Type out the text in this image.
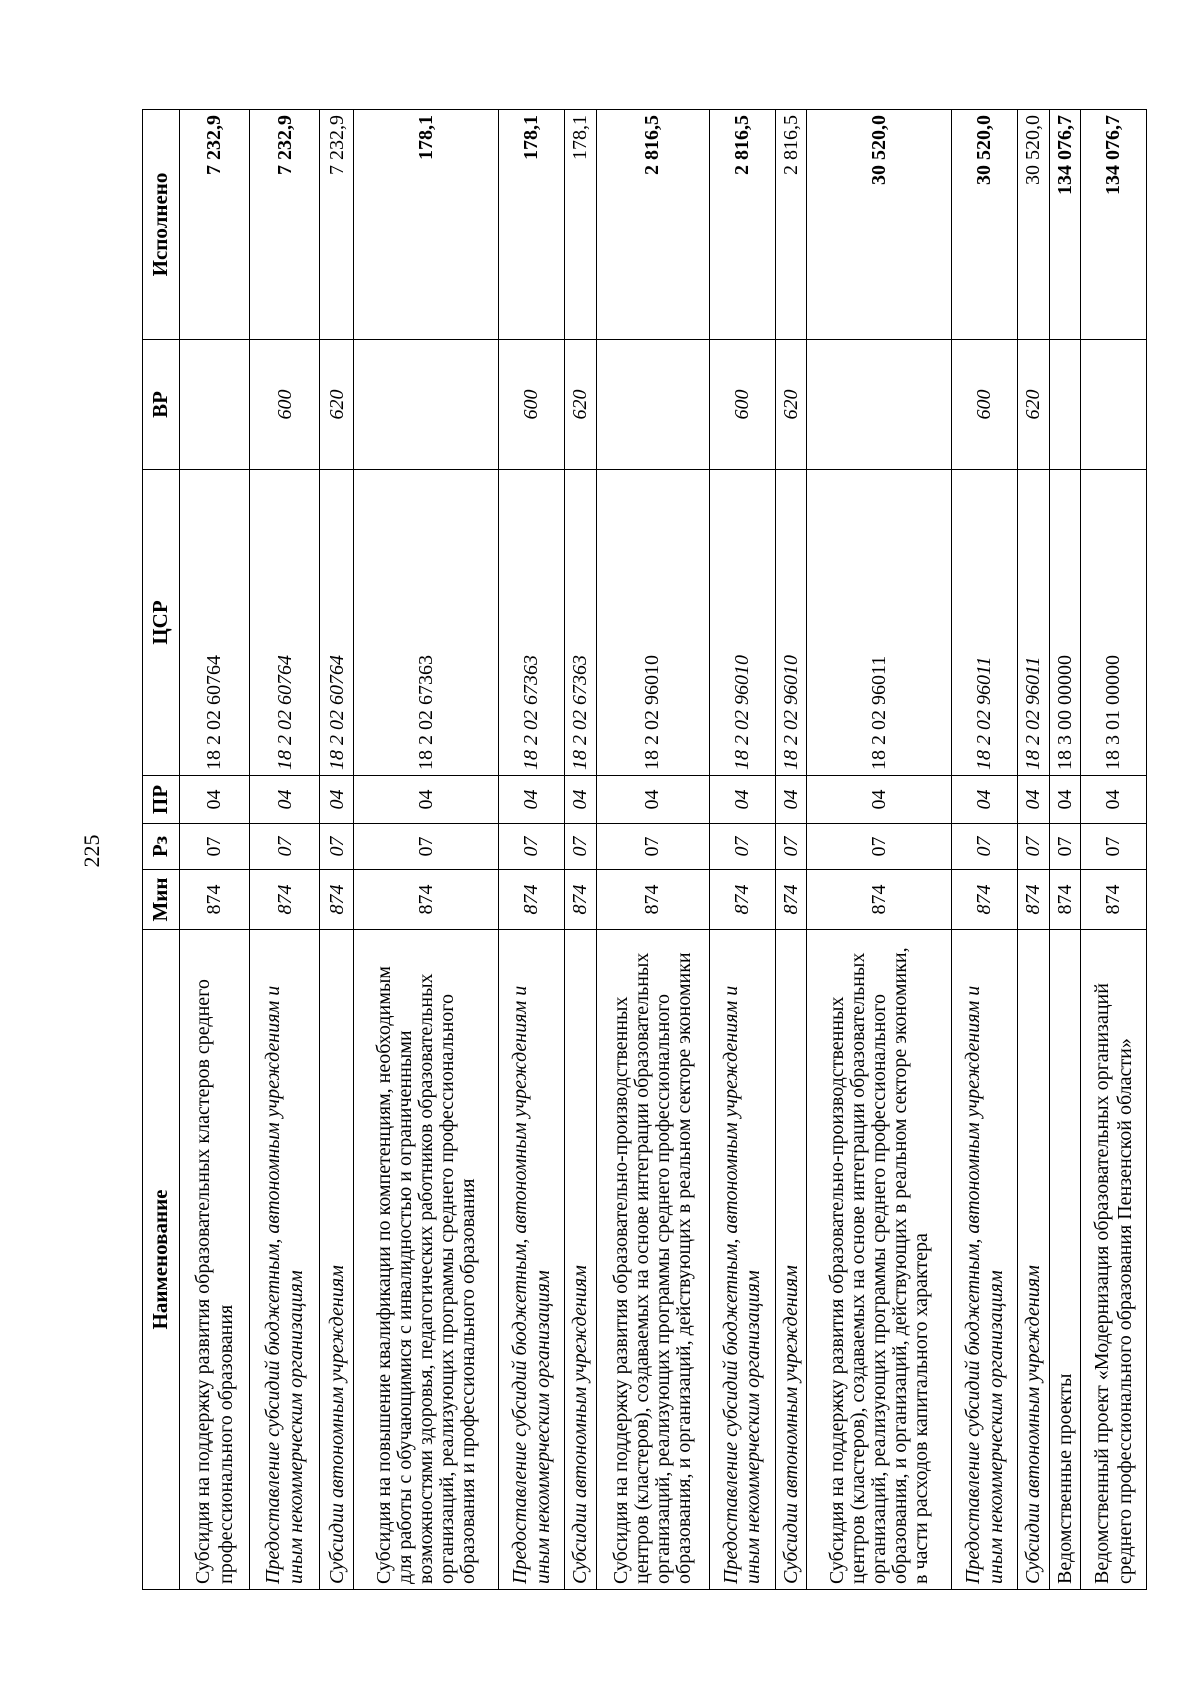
225
Наименование	Мин	Рз	ПР	ЦСР	ВР	Исполнено
Субсидия на поддержку развития образовательных кластеров среднего профессионального образования	874	07	04	18 2 02 60764		7 232,9
Предоставление субсидий бюджетным, автономным учреждениям и иным некоммерческим организациям	874	07	04	18 2 02 60764	600	7 232,9
Субсидии автономным учреждениям	874	07	04	18 2 02 60764	620	7 232,9
Субсидия на повышение квалификации по компетенциям, необходимым для работы с обучающимися с инвалидностью и ограниченными возможностями здоровья, педагогических работников образовательных организаций, реализующих программы среднего профессионального образования и профессионального образования	874	07	04	18 2 02 67363		178,1
Предоставление субсидий бюджетным, автономным учреждениям и иным некоммерческим организациям	874	07	04	18 2 02 67363	600	178,1
Субсидии автономным учреждениям	874	07	04	18 2 02 67363	620	178,1
Субсидия на поддержку развития образовательно-производственных центров (кластеров), создаваемых на основе интеграции образовательных организаций, реализующих программы среднего профессионального образования, и организаций, действующих в реальном секторе экономики	874	07	04	18 2 02 96010		2 816,5
Предоставление субсидий бюджетным, автономным учреждениям и иным некоммерческим организациям	874	07	04	18 2 02 96010	600	2 816,5
Субсидии автономным учреждениям	874	07	04	18 2 02 96010	620	2 816,5
Субсидия на поддержку развития образовательно-производственных центров (кластеров), создаваемых на основе интеграции образовательных организаций, реализующих программы среднего профессионального образования, и организаций, действующих в реальном секторе экономики, в части расходов капитального характера	874	07	04	18 2 02 96011		30 520,0
Предоставление субсидий бюджетным, автономным учреждениям и иным некоммерческим организациям	874	07	04	18 2 02 96011	600	30 520,0
Субсидии автономным учреждениям	874	07	04	18 2 02 96011	620	30 520,0
Ведомственные проекты	874	07	04	18 3 00 00000		134 076,7
Ведомственный проект «Модернизация образовательных организаций среднего профессионального образования Пензенской области»	874	07	04	18 3 01 00000		134 076,7
